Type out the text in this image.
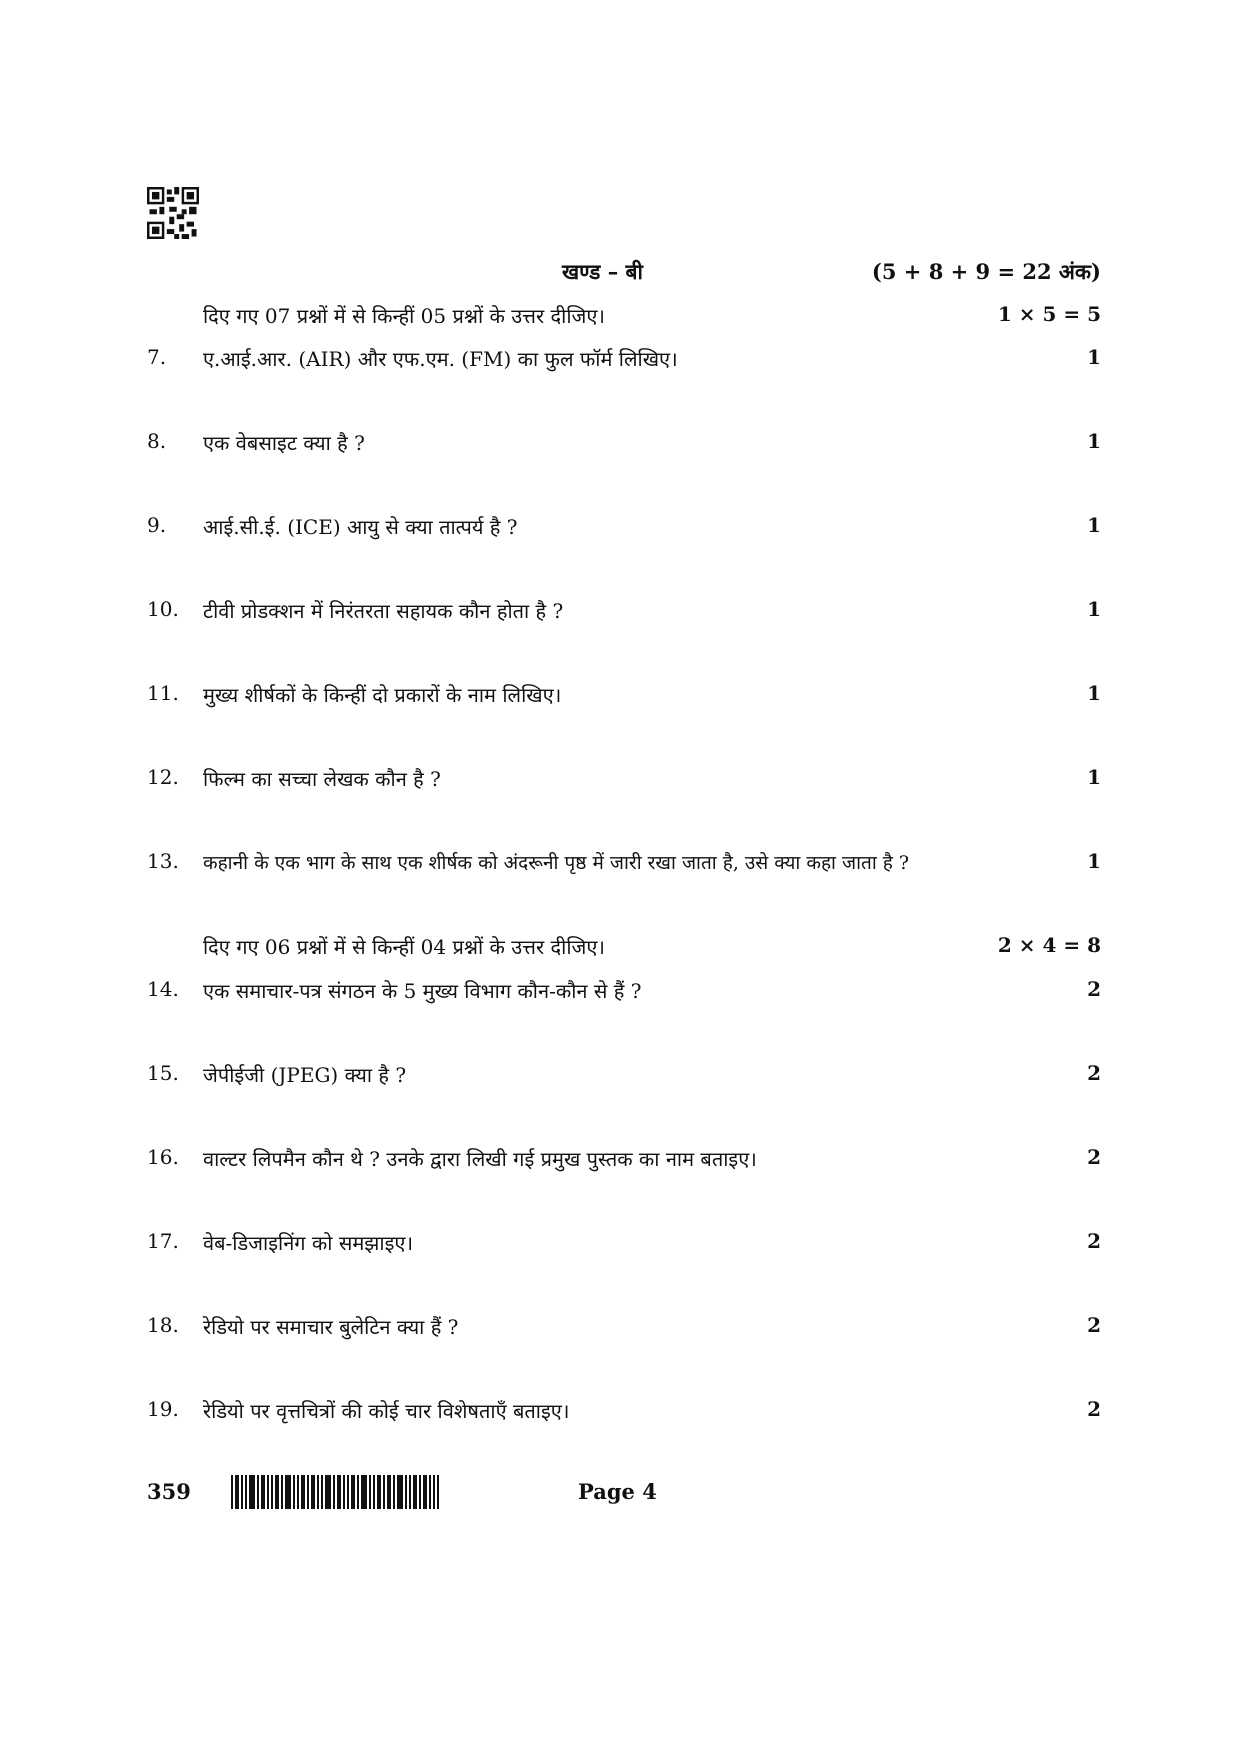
खण्ड – बी	(5 + 8 + 9 = 22 अंक)
दिए गए 07 प्रश्नों में से किन्हीं 05 प्रश्नों के उत्तर दीजिए।	1 × 5 = 5
7. ए.आई.आर. (AIR) और एफ.एम. (FM) का फुल फॉर्म लिखिए।	1
8. एक वेबसाइट क्या है ?	1
9. आई.सी.ई. (ICE) आयु से क्या तात्पर्य है ?	1
10. टीवी प्रोडक्शन में निरंतरता सहायक कौन होता है ?	1
11. मुख्य शीर्षकों के किन्हीं दो प्रकारों के नाम लिखिए।	1
12. फिल्म का सच्चा लेखक कौन है ?	1
13. कहानी के एक भाग के साथ एक शीर्षक को अंदरूनी पृष्ठ में जारी रखा जाता है, उसे क्या कहा जाता है ?	1
दिए गए 06 प्रश्नों में से किन्हीं 04 प्रश्नों के उत्तर दीजिए।	2 × 4 = 8
14. एक समाचार-पत्र संगठन के 5 मुख्य विभाग कौन-कौन से हैं ?	2
15. जेपीईजी (JPEG) क्या है ?	2
16. वाल्टर लिपमैन कौन थे ? उनके द्वारा लिखी गई प्रमुख पुस्तक का नाम बताइए।	2
17. वेब-डिजाइनिंग को समझाइए।	2
18. रेडियो पर समाचार बुलेटिन क्या हैं ?	2
19. रेडियो पर वृत्तचित्रों की कोई चार विशेषताएँ बताइए।	2
359	Page 4
